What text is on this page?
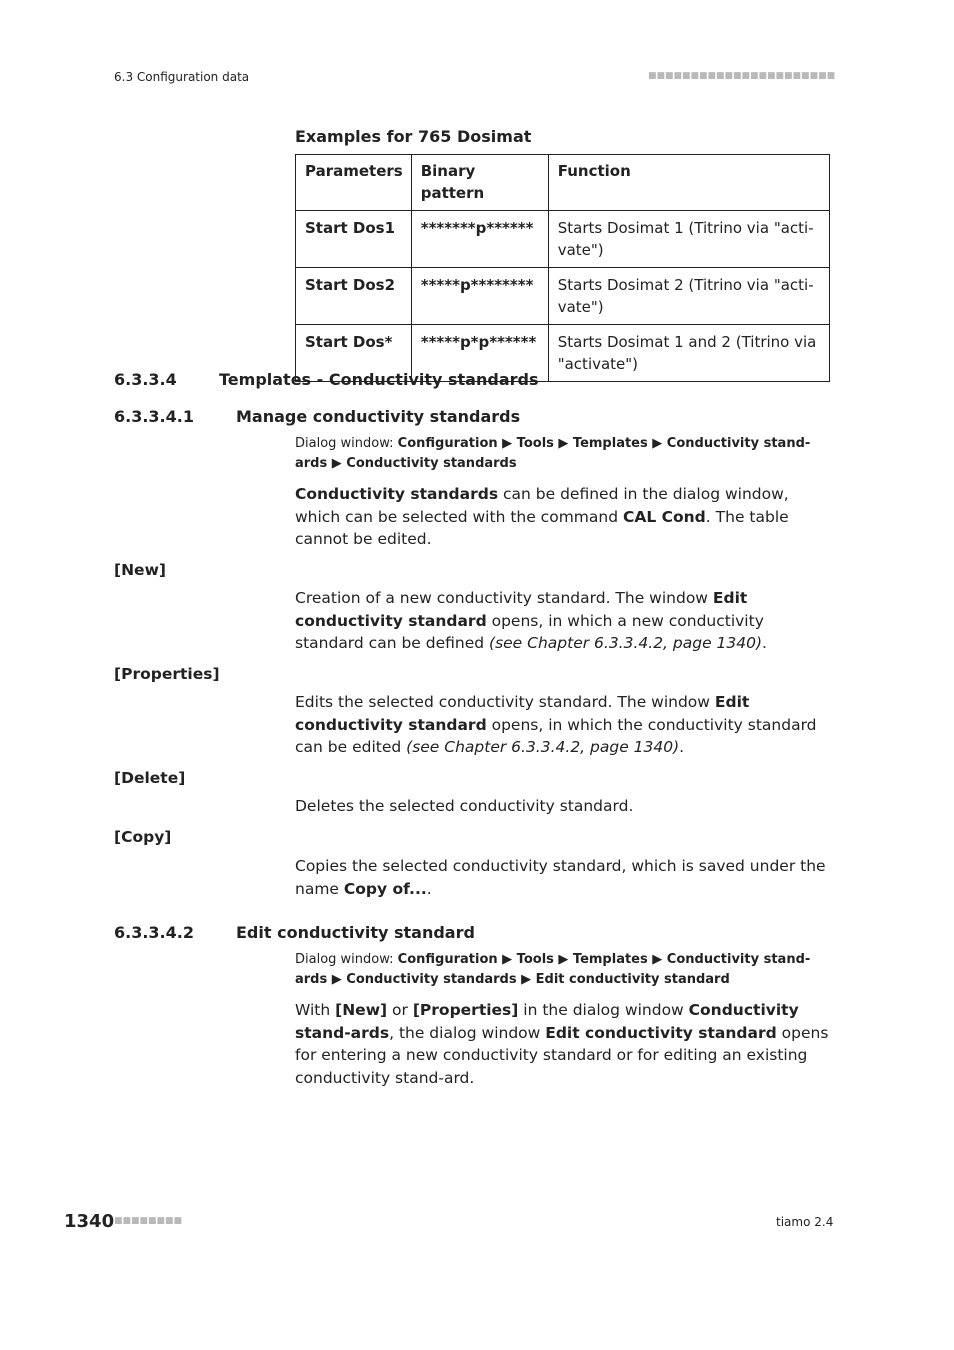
6.3 Configuration data	■■■■■■■■■■■■■■■■■■■■■■
Examples for 765 Dosimat
Parameters	Binary pattern	Function
Start Dos1	*******p******	Starts Dosimat 1 (Titrino via "acti-vate")
Start Dos2	*****p********	Starts Dosimat 2 (Titrino via "acti-vate")
Start Dos*	*****p*p******	Starts Dosimat 1 and 2 (Titrino via "activate")
6.3.3.4	Templates - Conductivity standards
6.3.3.4.1	Manage conductivity standards
Dialog window: Configuration ▶ Tools ▶ Templates ▶ Conductivity stand-
ards ▶ Conductivity standards
Conductivity standards can be defined in the dialog window, which can be selected with the command CAL Cond. The table cannot be edited.
[New]
Creation of a new conductivity standard. The window Edit conductivity standard opens, in which a new conductivity standard can be defined (see Chapter 6.3.3.4.2, page 1340).
[Properties]
Edits the selected conductivity standard. The window Edit conductivity standard opens, in which the conductivity standard can be edited (see Chapter 6.3.3.4.2, page 1340).
[Delete]
Deletes the selected conductivity standard.
[Copy]
Copies the selected conductivity standard, which is saved under the name Copy of....
6.3.3.4.2	Edit conductivity standard
Dialog window: Configuration ▶ Tools ▶ Templates ▶ Conductivity stand-
ards ▶ Conductivity standards ▶ Edit conductivity standard
With [New] or [Properties] in the dialog window Conductivity stand-ards, the dialog window Edit conductivity standard opens for entering a new conductivity standard or for editing an existing conductivity stand-ard.
1340 ■■■■■■■■	tiamo 2.4
